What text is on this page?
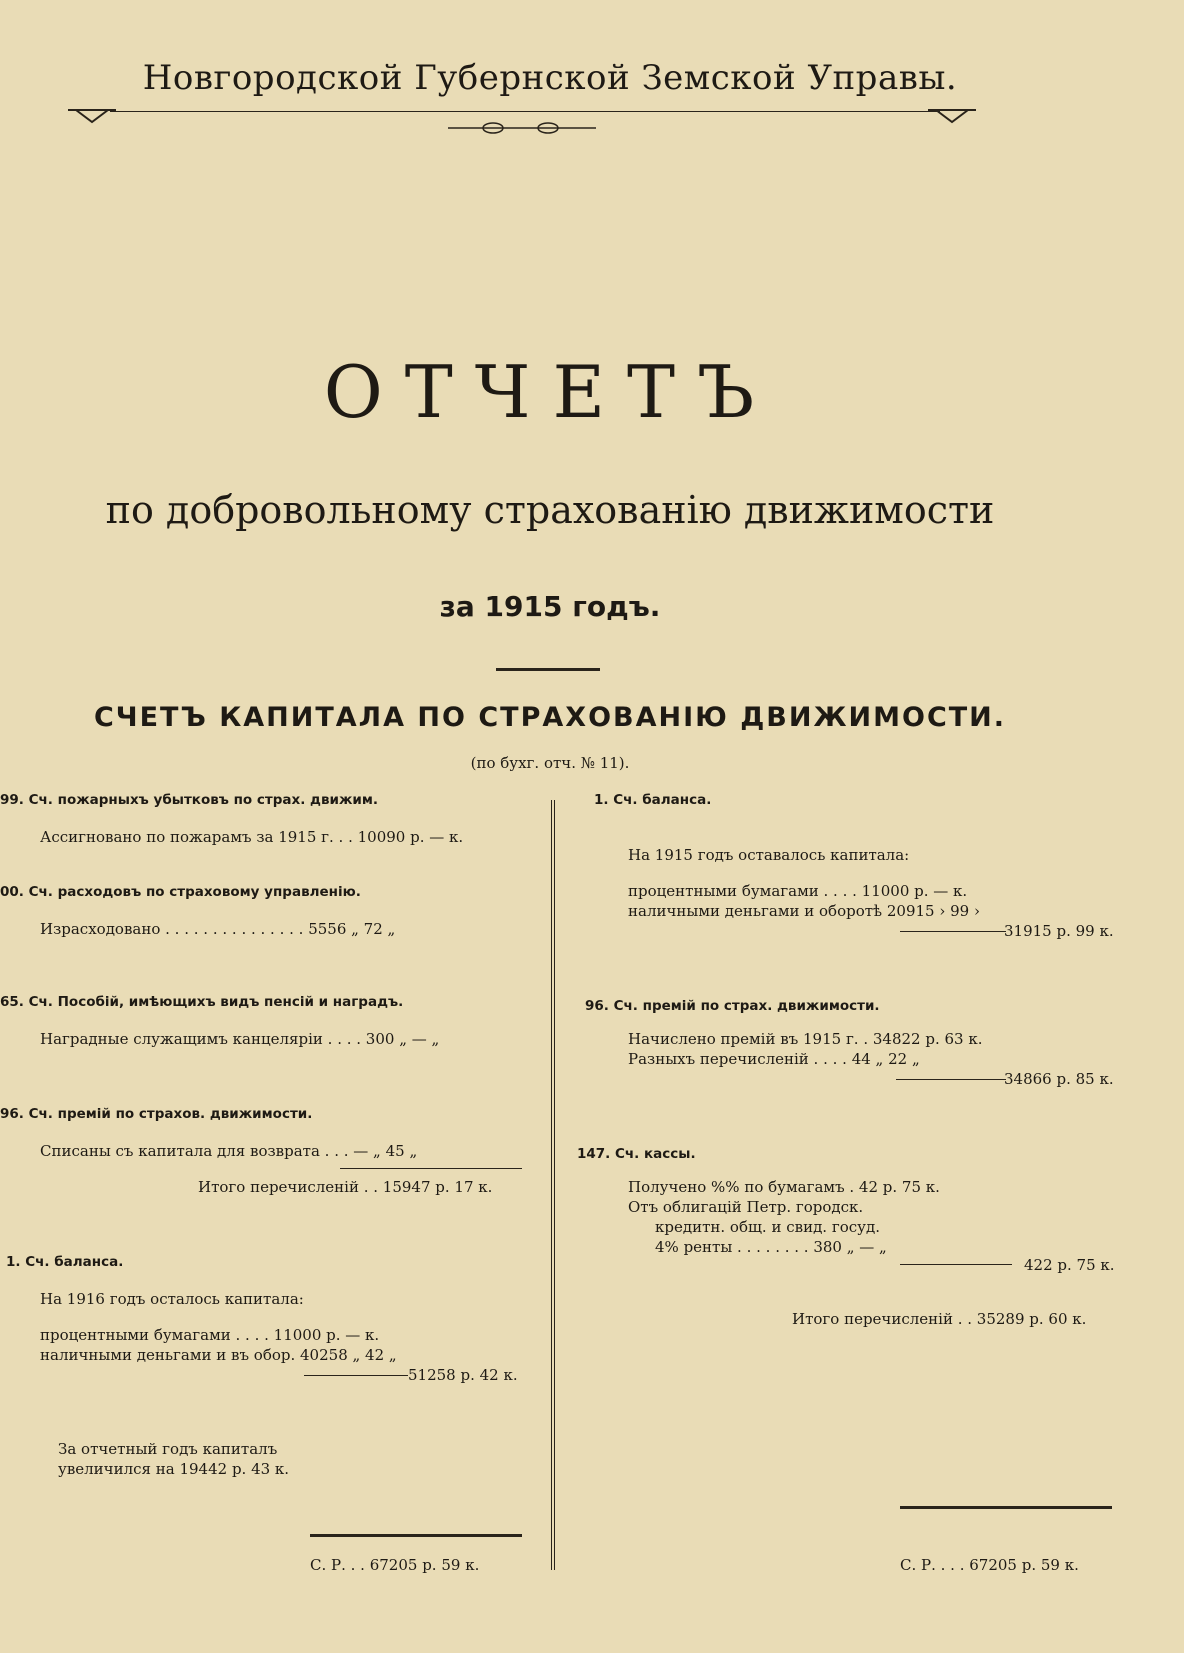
Новгородской Губернской Земской Управы.
ОТЧЕТЪ
по добровольному страхованію движимости
за 1915 годъ.
СЧЕТЪ КАПИТАЛА ПО СТРАХОВАНІЮ ДВИЖИМОСТИ.
(по бухг. отч. № 11).
99. Сч. пожарныхъ убытковъ по страх. движим.
Ассигновано по пожарамъ за 1915 г. . . 10090 р. — к.
00. Сч. расходовъ по страховому управленію.
Израсходовано . . . . . . . . . . . . . . . 5556 „ 72 „
65. Сч. Пособій, имѣющихъ видъ пенсій и наградъ.
Наградные служащимъ канцеляріи . . . . 300 „ — „
96. Сч. премій по страхов. движимости.
Списаны съ капитала для возврата . . . — „ 45 „
Итого перечисленій . . 15947 р. 17 к.
1. Сч. баланса.
На 1916 годъ осталось капитала:
процентными бумагами . . . . 11000 р. — к.
наличными деньгами и въ обор. 40258 „ 42 „
51258 р. 42 к.
За отчетный годъ капиталъ
увеличился на 19442 р. 43 к.
С. Р. . . 67205 р. 59 к.
1. Сч. баланса.
На 1915 годъ оставалось капитала:
процентными бумагами . . . . 11000 р. — к.
наличными деньгами и оборотѣ 20915 › 99 ›
31915 р. 99 к.
96. Сч. премій по страх. движимости.
Начислено премій въ 1915 г. . 34822 р. 63 к.
Разныхъ перечисленій . . . . 44 „ 22 „
34866 р. 85 к.
147. Сч. кассы.
Получено %% по бумагамъ . 42 р. 75 к.
Отъ облигацій Петр. городск.
кредитн. общ. и свид. госуд.
4% ренты . . . . . . . . 380 „ — „
422 р. 75 к.
Итого перечисленій . . 35289 р. 60 к.
С. Р. . . . 67205 р. 59 к.
